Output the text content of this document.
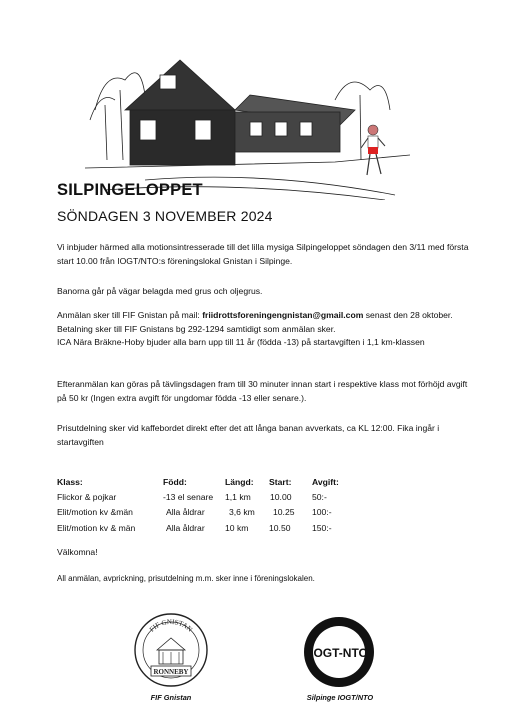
SILPINGELOPPET
SÖNDAGEN 3 NOVEMBER 2024
Vi inbjuder härmed alla motionsintresserade till det lilla mysiga Silpingeloppet söndagen den 3/11 med första start 10.00 från IOGT/NTO:s föreningslokal Gnistan i Silpinge.
Banorna går på vägar belagda med grus och oljegrus.
Anmälan sker till FIF Gnistan på mail: friidrottsforeningengnistan@gmail.com senast den 28 oktober. Betalning sker till FIF Gnistans bg 292-1294 samtidigt som anmälan sker.
ICA Nära Bräkne-Hoby bjuder alla barn upp till 11 år (födda -13) på startavgiften i 1,1 km-klassen
Efteranmälan kan göras på tävlingsdagen fram till 30 minuter innan start i respektive klass mot förhöjd avgift på 50 kr (Ingen extra avgift för ungdomar födda -13 eller senare.).
Prisutdelning sker vid kaffebordet direkt efter det att långa banan avverkats, ca KL 12:00. Fika ingår i startavgiften
Klass:	Född:	Längd: Start: Avgift:
Flickor & pojkar	-13 el senare 1,1 km 10.00 50:-
Elit/motion kv &män	Alla åldrar	3,6 km 10.25 100:-
Elit/motion kv & män	Alla åldrar 10 km 10.50 150:-
Välkomna!
All anmälan, avprickning, prisutdelning m.m. sker inne i föreningslokalen.
FIF GNISTAN
RONNEBY
FIF Gnistan
IOGT-NTO
Silpinge IOGT/NTO
